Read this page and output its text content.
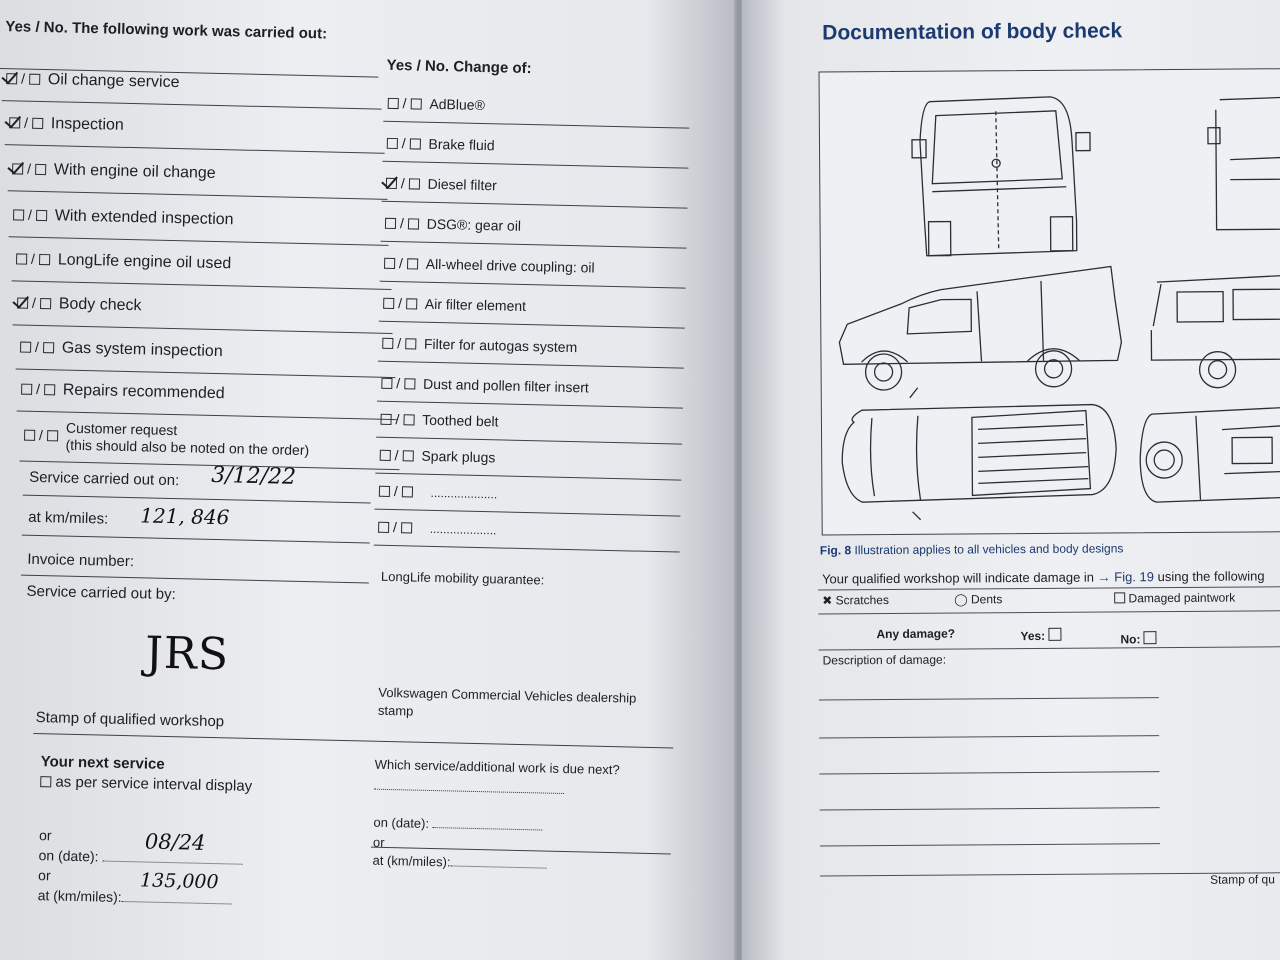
Yes / No. The following work was carried out:
Yes / No. Change of:
/ Oil change service
/ Inspection
/ With engine oil change
/ With extended inspection
/ LongLife engine oil used
/ Body check
/ Gas system inspection
/ Repairs recommended
/ Customer request
(this should also be noted on the order)
/ AdBlue®
/ Brake fluid
/ Diesel filter
/ DSG®: gear oil
/ All-wheel drive coupling: oil
/ Air filter element
/ Filter for autogas system
/ Dust and pollen filter insert
/ Toothed belt
/ Spark plugs
/ ....................
/ ....................
Service carried out on: 3/12/22
at km/miles: 121, 846
Invoice number:
Service carried out by:
LongLife mobility guarantee:
JRS
Stamp of qualified workshop
Volkswagen Commercial Vehicles dealership
stamp
Your next service
as per service interval display
or
on (date):
08/24
or
at (km/miles):
135,000
Which service/additional work is due next?
on (date):
or
at (km/miles):
Documentation of body check
Fig. 8 Illustration applies to all vehicles and body designs
Your qualified workshop will indicate damage in → Fig. 19 using the following
✖ Scratches	◯ Dents	Damaged paintwork
Any damage?	Yes:	No:
Description of damage:
Stamp of qu
